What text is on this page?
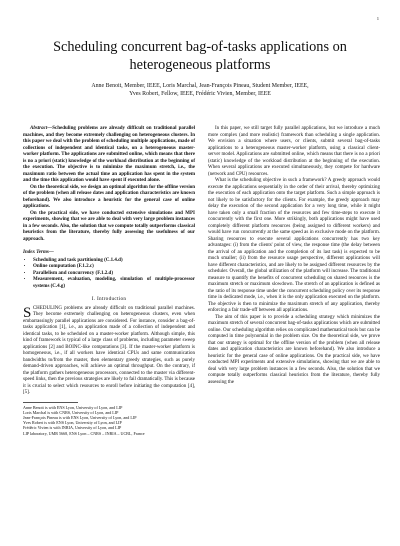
1
Scheduling concurrent bag-of-tasks applications on heterogeneous platforms
Anne Benoit, Member, IEEE, Loris Marchal, Jean-François Pineau, Student Member, IEEE,
Yves Robert, Fellow, IEEE, Frédéric Vivien, Member, IEEE

Abstract—Scheduling problems are already difficult on traditional parallel machines, and they become extremely challenging on heterogeneous clusters. In this paper we deal with the problem of scheduling multiple applications, made of collections of independent and identical tasks, on a heterogeneous master-worker platform. The applications are submitted online, which means that there is no a priori (static) knowledge of the workload distribution at the beginning of the execution. The objective is to minimize the maximum stretch, i.e., the maximum ratio between the actual time an application has spent in the system and the time this application would have spent if executed alone.

On the theoretical side, we design an optimal algorithm for the offline version of the problem (when all release dates and application characteristics are known beforehand). We also introduce a heuristic for the general case of online applications.

On the practical side, we have conducted extensive simulations and MPI experiments, showing that we are able to deal with very large problem instances in a few seconds. Also, the solution that we compute totally outperforms classical heuristics from the literature, thereby fully assessing the usefulness of our approach.

Index Terms—
• Scheduling and task partitioning (C.1.4.d)
• Online computation (F.1.2.c)
• Parallelism and concurrency (F.1.2.d)
• Measurement, evaluation, modeling, simulation of multiple-processor systems (C.4.g)
I. Introduction

SCHEDULING problems are already difficult on traditional parallel machines. They become extremely challenging on heterogeneous clusters, even when embarrassingly parallel applications are considered. For instance, consider a bag-of-tasks application [1], i.e., an application made of a collection of independent and identical tasks, to be scheduled on a master-worker platform. Although simple, this kind of framework is typical of a large class of problems, including parameter sweep applications [2] and BOINC-like computations [3]. If the master-worker platform is homogeneous, i.e., if all workers have identical CPUs and same communication bandwidths to/from the master, then elementary greedy strategies, such as purely demand-driven approaches, will achieve an optimal throughput. On the contrary, if the platform gathers heterogeneous processors, connected to the master via different-speed links, then the previous strategies are likely to fail dramatically. This is because it is crucial to select which resources to enroll before initiating the computation [4], [5].

Anne Benoit is with ENS Lyon, University of Lyon, and LIP
Loris Marchal is with CNRS, University of Lyon, and LIP
Jean-François Pineau is with ENS Lyon, University of Lyon, and LIP
Yves Robert is with ENS Lyon, University of Lyon, and LIP
Frédéric Vivien is with INRIA, University of Lyon, and LIP
LIP laboratory, UMR 5668, ENS Lyon – CNRS – INRIA – UCBL, France

In this paper, we still target fully parallel applications, but we introduce a much more complex (and more realistic) framework than scheduling a single application. We envision a situation where users, or clients, submit several bag-of-tasks applications to a heterogeneous master-worker platform, using a classical client-server model. Applications are submitted online, which means that there is no a priori (static) knowledge of the workload distribution at the beginning of the execution. When several applications are executed simultaneously, they compete for hardware (network and CPU) resources.

What is the scheduling objective in such a framework? A greedy approach would execute the applications sequentially in the order of their arrival, thereby optimizing the execution of each application onto the target platform. Such a simple approach is not likely to be satisfactory for the clients. For example, the greedy approach may delay the execution of the second application for a very long time, while it might have taken only a small fraction of the resources and few time-steps to execute it concurrently with the first one. More strikingly, both applications might have used completely different platform resources (being assigned to different workers) and would have run concurrently at the same speed as in exclusive mode on the platform. Sharing resources to execute several applications concurrently has two key advantages: (i) from the clients' point of view, the response time (the delay between the arrival of an application and the completion of its last task) is expected to be much smaller; (ii) from the resource usage perspective, different applications will have different characteristics, and are likely to be assigned different resources by the scheduler. Overall, the global utilization of the platform will increase. The traditional measure to quantify the benefits of concurrent scheduling on shared resources is the maximum stretch or maximum slowdown. The stretch of an application is defined as the ratio of its response time under the concurrent scheduling policy over its response time in dedicated mode, i.e., when it is the only application executed on the platform. The objective is then to minimize the maximum stretch of any application, thereby enforcing a fair trade-off between all applications.

The aim of this paper is to provide a scheduling strategy which minimizes the maximum stretch of several concurrent bag-of-tasks applications which are submitted online. Our scheduling algorithm relies on complicated mathematical tools but can be computed in time polynomial in the problem size. On the theoretical side, we prove that our strategy is optimal for the offline version of the problem (when all release dates and application characteristics are known beforehand). We also introduce a heuristic for the general case of online applications. On the practical side, we have conducted MPI experiments and extensive simulations, showing that we are able to deal with very large problem instances in a few seconds. Also, the solution that we compute totally outperforms classical heuristics from the literature, thereby fully assessing the
